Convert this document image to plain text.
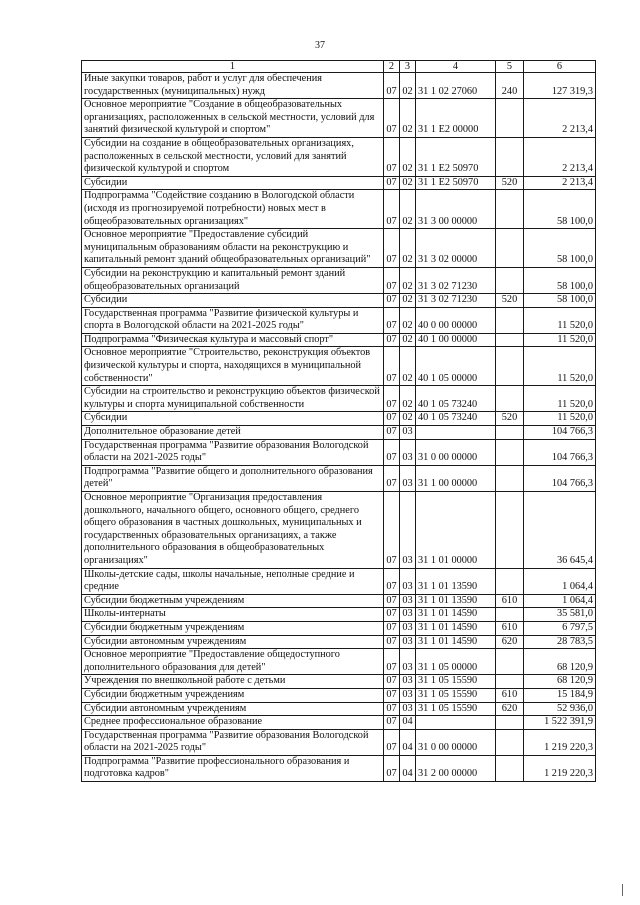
37
1	2	3	4	5	6
Иные закупки товаров, работ и услуг для обеспечения государственных (муниципальных) нужд	07	02	31 1 02 27060	240	127 319,3
Основное мероприятие "Создание в общеобразовательных организациях, расположенных в сельской местности, условий для занятий физической культурой и спортом"	07	02	31 1 Е2 00000		2 213,4
Субсидии на создание в общеобразовательных организациях, расположенных в сельской местности, условий для занятий физической культурой и спортом	07	02	31 1 Е2 50970		2 213,4
Субсидии	07	02	31 1 Е2 50970	520	2 213,4
Подпрограмма "Содействие созданию в Вологодской области (исходя из прогнозируемой потребности) новых мест в общеобразовательных организациях"	07	02	31 3 00 00000		58 100,0
Основное мероприятие "Предоставление субсидий муниципальным образованиям области на реконструкцию и капитальный ремонт зданий общеобразовательных организаций"	07	02	31 3 02 00000		58 100,0
Субсидии на реконструкцию и капитальный ремонт зданий общеобразовательных организаций	07	02	31 3 02 71230		58 100,0
Субсидии	07	02	31 3 02 71230	520	58 100,0
Государственная программа "Развитие физической культуры и спорта в Вологодской области на 2021-2025 годы"	07	02	40 0 00 00000		11 520,0
Подпрограмма "Физическая культура и массовый спорт"	07	02	40 1 00 00000		11 520,0
Основное мероприятие "Строительство, реконструкция объектов физической культуры и спорта, находящихся в муниципальной собственности"	07	02	40 1 05 00000		11 520,0
Субсидии на строительство и реконструкцию объектов физической культуры и спорта муниципальной собственности	07	02	40 1 05 73240		11 520,0
Субсидии	07	02	40 1 05 73240	520	11 520,0
Дополнительное образование детей	07	03			104 766,3
Государственная программа "Развитие образования Вологодской области на 2021-2025 годы"	07	03	31 0 00 00000		104 766,3
Подпрограмма "Развитие общего и дополнительного образования детей"	07	03	31 1 00 00000		104 766,3
Основное мероприятие "Организация предоставления дошкольного, начального общего, основного общего, среднего общего образования в частных дошкольных, муниципальных и государственных образовательных организациях, а также дополнительного образования в общеобразовательных организациях"	07	03	31 1 01 00000		36 645,4
Школы-детские сады, школы начальные, неполные средние и средние	07	03	31 1 01 13590		1 064,4
Субсидии бюджетным учреждениям	07	03	31 1 01 13590	610	1 064,4
Школы-интернаты	07	03	31 1 01 14590		35 581,0
Субсидии бюджетным учреждениям	07	03	31 1 01 14590	610	6 797,5
Субсидии автономным учреждениям	07	03	31 1 01 14590	620	28 783,5
Основное мероприятие "Предоставление общедоступного дополнительного образования для детей"	07	03	31 1 05 00000		68 120,9
Учреждения по внешкольной работе с детьми	07	03	31 1 05 15590		68 120,9
Субсидии бюджетным учреждениям	07	03	31 1 05 15590	610	15 184,9
Субсидии автономным учреждениям	07	03	31 1 05 15590	620	52 936,0
Среднее профессиональное образование	07	04			1 522 391,9
Государственная программа "Развитие образования Вологодской области на 2021-2025 годы"	07	04	31 0 00 00000		1 219 220,3
Подпрограмма "Развитие профессионального образования и подготовка кадров"	07	04	31 2 00 00000		1 219 220,3
